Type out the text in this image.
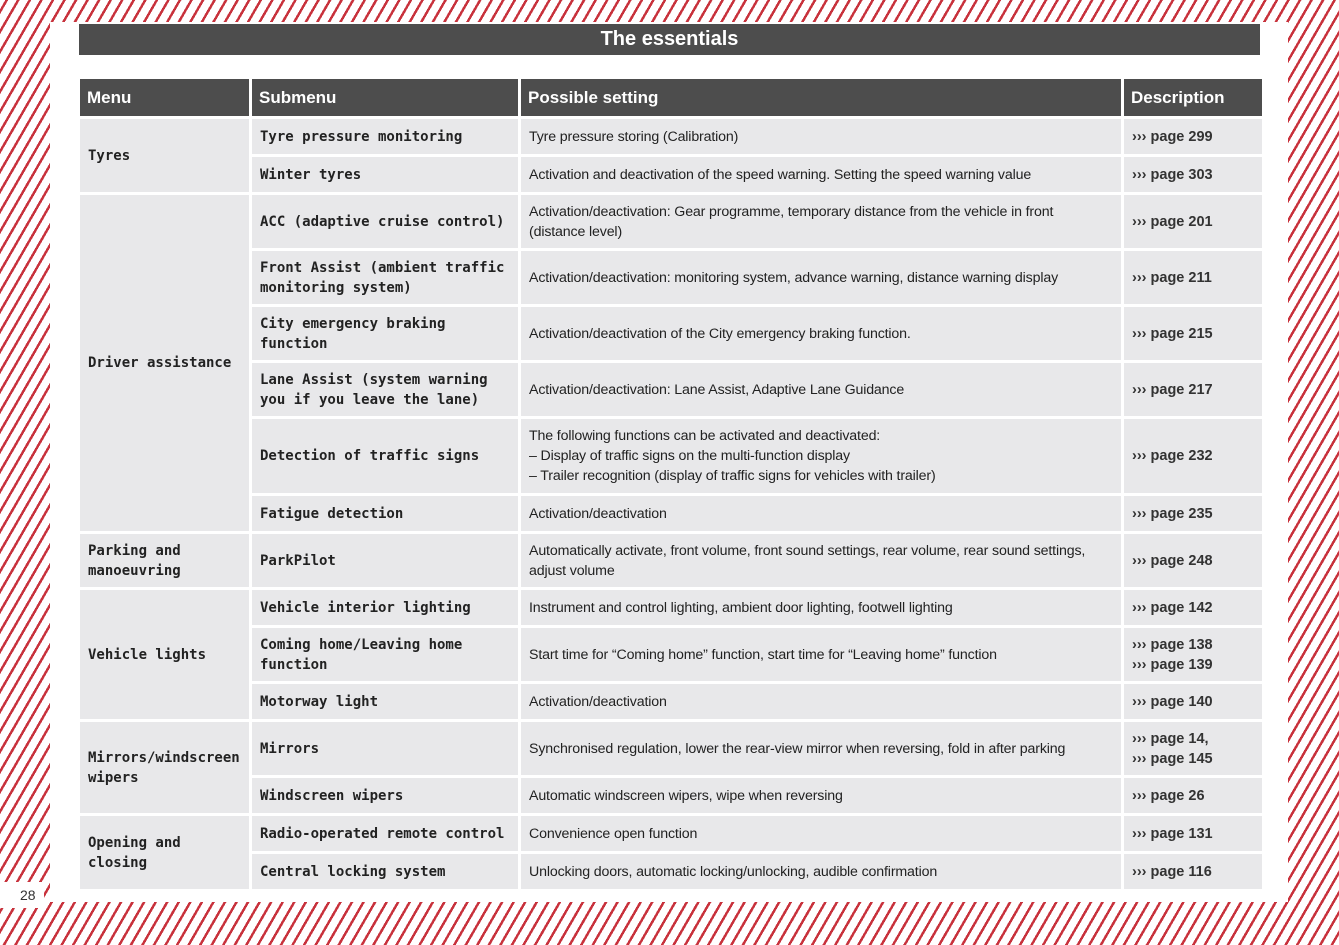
The essentials
Menu	Submenu	Possible setting	Description
Tyres	Tyre pressure monitoring	Tyre pressure storing (Calibration)	››› page 299

	Winter tyres	Activation and deactivation of the speed warning. Setting the speed warning value	››› page 303

Driver assistance	ACC (adaptive cruise control)	Activation/deactivation: Gear programme, temporary distance from the vehicle in front (distance level)	››› page 201

	Front Assist (ambient traffic monitoring system)	Activation/deactivation: monitoring system, advance warning, distance warning display	››› page 211

	City emergency braking function	Activation/deactivation of the City emergency braking function.	››› page 215

	Lane Assist (system warning you if you leave the lane)	Activation/deactivation: Lane Assist, Adaptive Lane Guidance	››› page 217

	Detection of traffic signs	The following functions can be activated and deactivated:
– Display of traffic signs on the multi-function display
– Trailer recognition (display of traffic signs for vehicles with trailer)	››› page 232

	Fatigue detection	Activation/deactivation	››› page 235

Parking and manoeuvring	ParkPilot	Automatically activate, front volume, front sound settings, rear volume, rear sound settings, adjust volume	››› page 248

Vehicle lights	Vehicle interior lighting	Instrument and control lighting, ambient door lighting, footwell lighting	››› page 142

	Coming home/Leaving home function	Start time for “Coming home” function, start time for “Leaving home” function	››› page 138
››› page 139

	Motorway light	Activation/deactivation	››› page 140

Mirrors/windscreen wipers	Mirrors	Synchronised regulation, lower the rear-view mirror when reversing, fold in after parking	››› page 14,
››› page 145

	Windscreen wipers	Automatic windscreen wipers, wipe when reversing	››› page 26

Opening and closing	Radio-operated remote control	Convenience open function	››› page 131

	Central locking system	Unlocking doors, automatic locking/unlocking, audible confirmation	››› page 116
28
